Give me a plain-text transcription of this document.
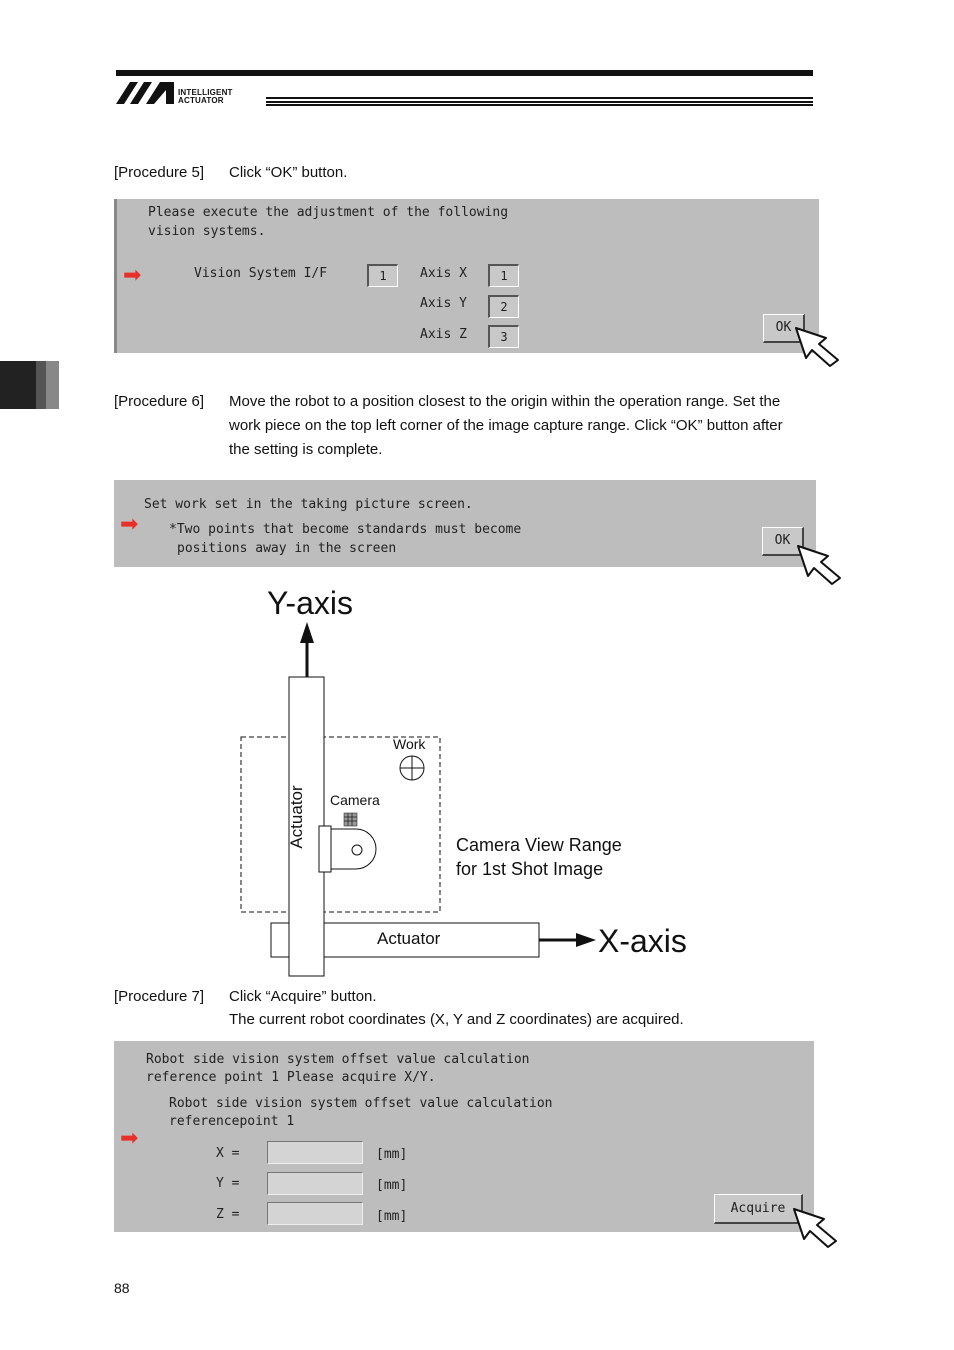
INTELLIGENT
ACTUATOR
[Procedure 5] Click “OK” button.
Please execute the adjustment of the following
vision systems.
➡	Vision System I/F	1	Axis X	1
Axis Y	2
Axis Z	3
OK
[Procedure 6] Move the robot to a position closest to the origin within the operation range. Set the
work piece on the top left corner of the image capture range. Click “OK” button after
the setting is complete.
Set work set in the taking picture screen.
➡ *Two points that become standards must become
positions away in the screen
OK
Y-axis
X-axis
Actuator
Actuator
Work
Camera
Camera View Range
for 1st Shot Image
[Procedure 7] Click “Acquire” button.
The current robot coordinates (X, Y and Z coordinates) are acquired.
Robot side vision system offset value calculation
reference point 1 Please acquire X/Y.
Robot side vision system offset value calculation
referencepoint 1
➡
X =	[mm]
Y =	[mm]
Z =	[mm]
Acquire
88
